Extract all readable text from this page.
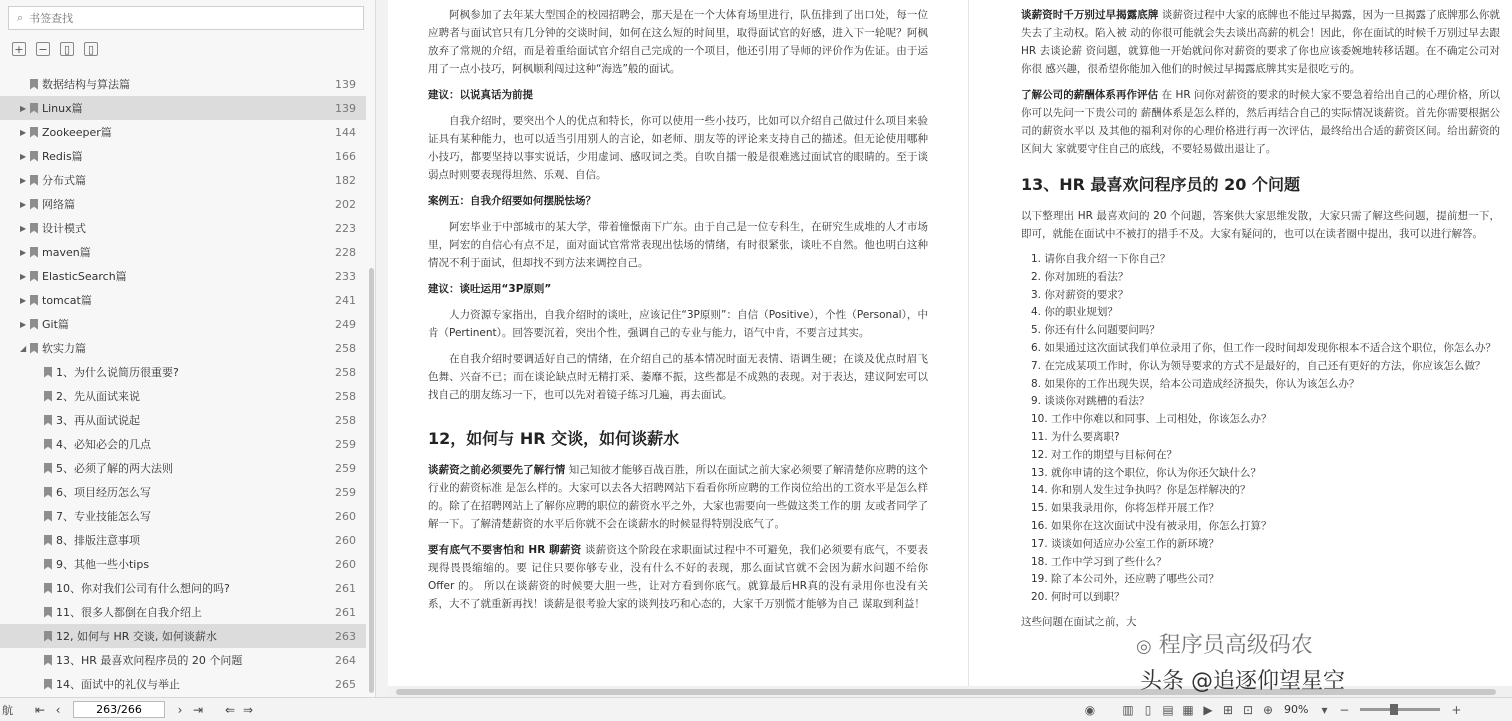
⌕
书签查找
+ −	▯	▯
数据结构与算法篇	139
▶ Linux篇	139
▶ Zookeeper篇	144
▶ Redis篇	166
▶ 分布式篇	182
▶ 网络篇	202
▶ 设计模式	223
▶ maven篇	228
▶ ElasticSearch篇	233
▶ tomcat篇	241
▶ Git篇	249
◢ 软实力篇	258
1、为什么说简历很重要?	258
2、先从面试来说	258
3、再从面试说起	258
4、必知必会的几点	259
5、必须了解的两大法则	259
6、项目经历怎么写	259
7、专业技能怎么写	260
8、排版注意事项	260
9、其他一些小tips	260
10、你对我们公司有什么想问的吗?	261
11、很多人都倒在自我介绍上	261
12, 如何与 HR 交谈, 如何谈薪水	263
13、HR 最喜欢问程序员的 20 个问题	264
14、面试中的礼仪与举止	265
航	⇤ ‹
263/266	› ⇥	⇐ ⇒

阿枫参加了去年某大型国企的校园招聘会，那天是在一个大体育场里进行，队伍排到了出口处，每一位应聘者与面试官只有几分钟的交谈时间，如何在这么短的时间里，取得面试官的好感，进入下一轮呢？阿枫放弃了常规的介绍，而是着重给面试官介绍自己完成的一个项目，他还引用了导师的评价作为佐证。由于运用了一点小技巧，阿枫顺利闯过这种“海选”般的面试。

建议：以说真话为前提

自我介绍时，要突出个人的优点和特长，你可以使用一些小技巧，比如可以介绍自己做过什么项目来验证具有某种能力，也可以适当引用别人的言论，如老师、朋友等的评论来支持自己的描述。但无论使用哪种小技巧，都要坚持以事实说话，少用虚词、感叹词之类。自吹自擂一般是很难逃过面试官的眼睛的。至于谈弱点时则要表现得坦然、乐观、自信。

案例五：自我介绍要如何摆脱怯场？

阿宏毕业于中部城市的某大学，带着憧憬南下广东。由于自己是一位专科生，在研究生成堆的人才市场里，阿宏的自信心有点不足，面对面试官常常表现出怯场的情绪，有时很紧张，谈吐不自然。他也明白这种情况不利于面试，但却找不到方法来调控自己。

建议：谈吐运用“3P原则”

人力资源专家指出，自我介绍时的谈吐，应该记住“3P原则”：自信（Positive），个性（Personal），中肯（Pertinent）。回答要沉着，突出个性，强调自己的专业与能力，语气中肯，不要言过其实。

在自我介绍时要调适好自己的情绪，在介绍自己的基本情况时面无表情、语调生硬；在谈及优点时眉飞色舞、兴奋不已；而在谈论缺点时无精打采、萎靡不振，这些都是不成熟的表现。对于表达，建议阿宏可以找自己的朋友练习一下，也可以先对着镜子练习几遍，再去面试。

12，如何与 HR 交谈，如何谈薪水

谈薪资之前必须要先了解行情 知己知彼才能够百战百胜，所以在面试之前大家必须要了解清楚你应聘的这个行业的薪资标准 是怎么样的。大家可以去各大招聘网站下看看你所应聘的工作岗位给出的工资水平是怎么样 的。除了在招聘网站上了解你应聘的职位的薪资水平之外，大家也需要向一些做这类工作的朋 友或者同学了解一下。了解清楚薪资的水平后你就不会在谈薪水的时候显得特别没底气了。

要有底气不要害怕和 HR 聊薪资 谈薪资这个阶段在求职面试过程中不可避免，我们必须要有底气，不要表现得畏畏缩缩的。要 记住只要你够专业，没有什么不好的表现，那么面试官就不会因为薪水问题不给你 Offer 的。 所以在谈薪资的时候要大胆一些，让对方看到你底气。就算最后HR真的没有录用你也没有关 系，大不了就重新再找！谈薪是很考验大家的谈判技巧和心态的，大家千万别慌才能够为自己 谋取到利益！

谈薪资时千万别过早揭露底牌 谈薪资过程中大家的底牌也不能过早揭露，因为一旦揭露了底牌那么你就失去了主动权。陷入被 动的你很可能就会失去谈出高薪的机会！因此，你在面试的时候千万别过早去跟 HR 去谈论薪 资问题，就算他一开始就问你对薪资的要求了你也应该委婉地转移话题。在不确定公司对你很 感兴趣，很希望你能加入他们的时候过早揭露底牌其实是很吃亏的。

了解公司的薪酬体系再作评估 在 HR 问你对薪资的要求的时候大家不要急着给出自己的心理价格，所以你可以先问一下贵公司的 薪酬体系是怎么样的，然后再结合自己的实际情况谈薪资。首先你需要根据公司的薪资水平以 及其他的福利对你的心理价格进行再一次评估，最终给出合适的薪资区间。给出薪资的区间大 家就要守住自己的底线，不要轻易做出退让了。

13、HR 最喜欢问程序员的 20 个问题

以下整理出 HR 最喜欢问的 20 个问题，答案供大家思维发散，大家只需了解这些问题，提前想一下，即可，就能在面试中不被打的措手不及。大家有疑问的，也可以在读者圈中提出，我可以进行解答。

1. 请你自我介绍一下你自己？
2. 你对加班的看法？
3. 你对薪资的要求？
4. 你的职业规划？
5. 你还有什么问题要问吗？
6. 如果通过这次面试我们单位录用了你，但工作一段时间却发现你根本不适合这个职位，你怎么办？
7. 在完成某项工作时，你认为领导要求的方式不是最好的，自己还有更好的方法，你应该怎么做？
8. 如果你的工作出现失误，给本公司造成经济损失，你认为该怎么办？
9. 谈谈你对跳槽的看法？
10. 工作中你难以和同事、上司相处，你该怎么办？
11. 为什么要离职?
12. 对工作的期望与目标何在？
13. 就你申请的这个职位，你认为你还欠缺什么？
14. 你和别人发生过争执吗？你是怎样解决的？
15. 如果我录用你，你将怎样开展工作？
16. 如果你在这次面试中没有被录用，你怎么打算？
17. 谈谈如何适应办公室工作的新环境？
18. 工作中学习到了些什么？
19. 除了本公司外，还应聘了哪些公司？
20. 何时可以到职？

这些问题在面试之前，大

◎ 程序员高级码农
头条 @追逐仰望星空
◉	▥ ▯ ▤ ▦ ▶ ⊞ ⊡ ⊕ 90%	▾ −	+
